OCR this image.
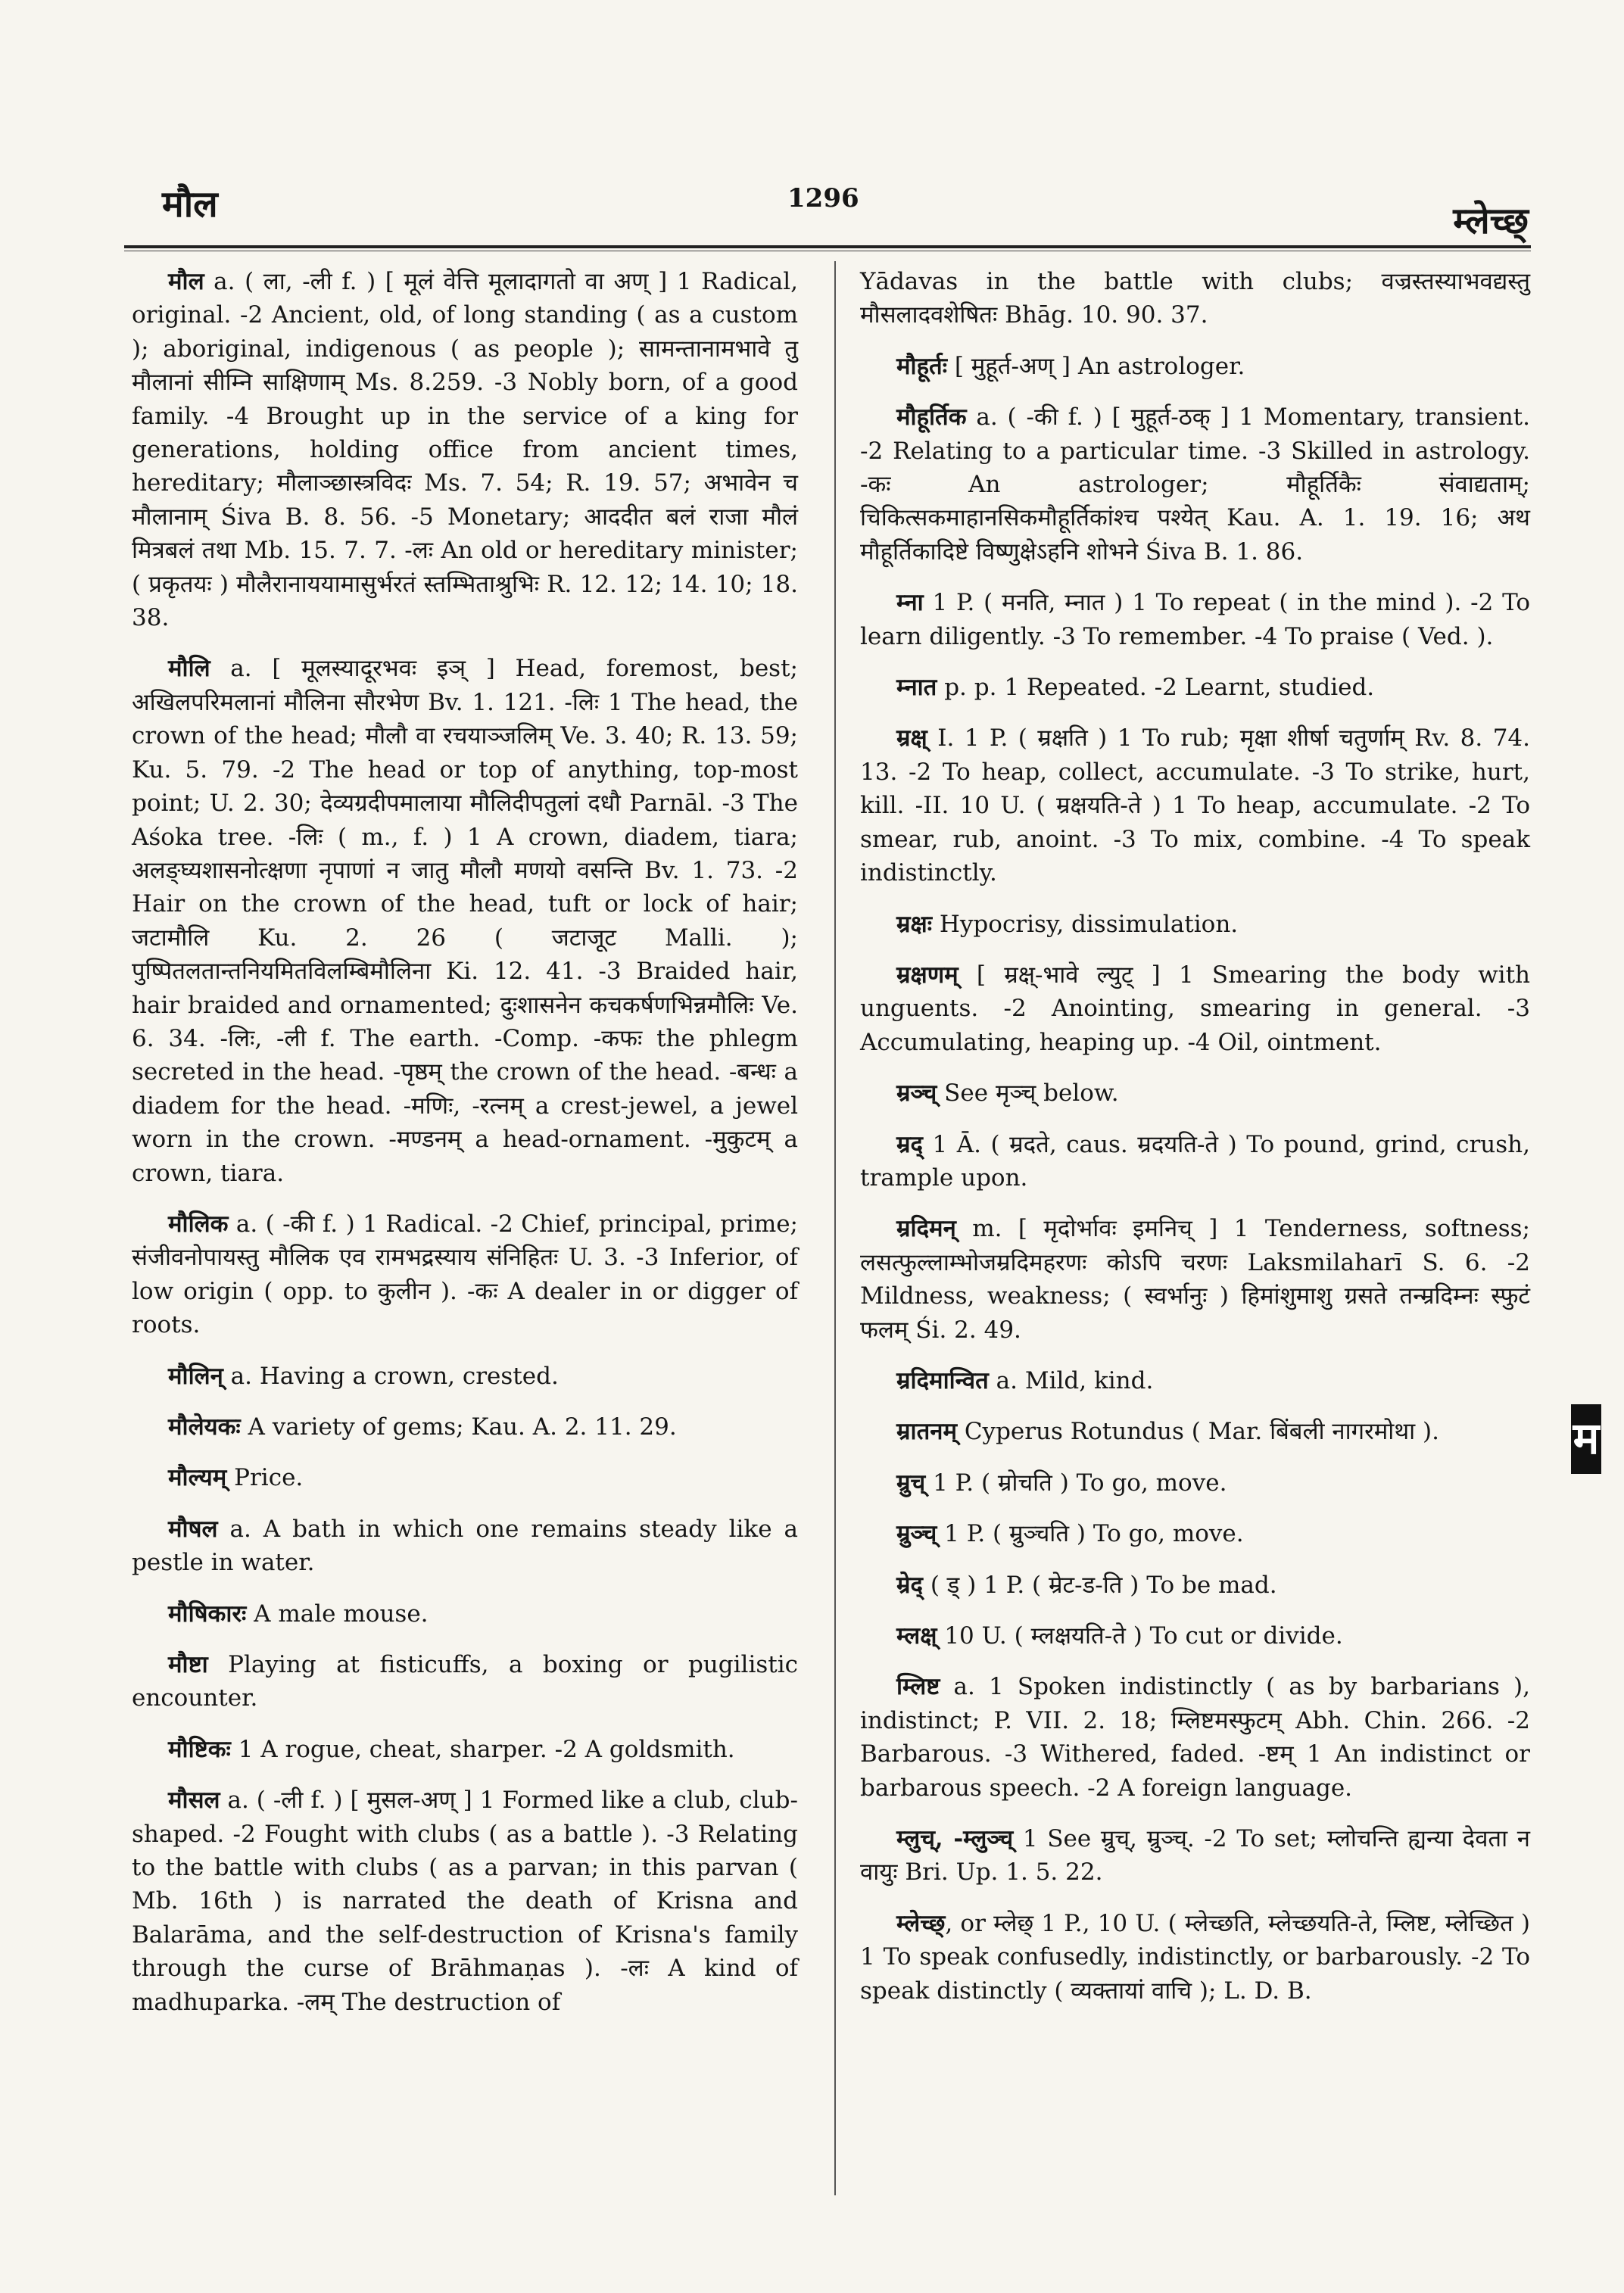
मौल	1296
म्लेच्छ्

मौल a. ( ला, -ली f. ) [ मूलं वेत्ति मूलादागतो वा अण् ] 1 Radical, original. -2 Ancient, old, of long standing ( as a custom ); aboriginal, indigenous ( as people ); सामन्तानामभावे तु मौलानां सीम्नि साक्षिणाम् Ms. 8.259. -3 Nobly born, of a good family. -4 Brought up in the service of a king for generations, holding office from ancient times, hereditary; मौलाञ्छास्त्रविदः Ms. 7. 54; R. 19. 57; अभावेन च मौलानाम् Śiva B. 8. 56. -5 Monetary; आददीत बलं राजा मौलं मित्रबलं तथा Mb. 15. 7. 7. -लः An old or hereditary minister; ( प्रकृतयः ) मौलैरानाययामासुर्भरतं स्तम्भिताश्रुभिः R. 12. 12; 14. 10; 18. 38.

मौलि a. [ मूलस्यादूरभवः इञ् ] Head, foremost, best; अखिलपरिमलानां मौलिना सौरभेण Bv. 1. 121. -लिः 1 The head, the crown of the head; मौलौ वा रचयाञ्जलिम् Ve. 3. 40; R. 13. 59; Ku. 5. 79. -2 The head or top of anything, top-most point; U. 2. 30; देव्यग्रदीपमालाया मौलिदीपतुलां दधौ Parnāl. -3 The Aśoka tree. -लिः ( m., f. ) 1 A crown, diadem, tiara; अलङ्घ्यशासनोत्क्षणा नृपाणां न जातु मौलौ मणयो वसन्ति Bv. 1. 73. -2 Hair on the crown of the head, tuft or lock of hair; जटामौलि Ku. 2. 26 ( जटाजूट Malli. ); पुष्पितलतान्तनियमितविलम्बिमौलिना Ki. 12. 41. -3 Braided hair, hair braided and ornamented; दुःशासनेन कचकर्षणभिन्नमौलिः Ve. 6. 34. -लिः, -ली f. The earth. -Comp. -कफः the phlegm secreted in the head. -पृष्ठम् the crown of the head. -बन्धः a diadem for the head. -मणिः, -रत्नम् a crest-jewel, a jewel worn in the crown. -मण्डनम् a head-ornament. -मुकुटम् a crown, tiara.

मौलिक a. ( -की f. ) 1 Radical. -2 Chief, principal, prime; संजीवनोपायस्तु मौलिक एव रामभद्रस्याय संनिहितः U. 3. -3 Inferior, of low origin ( opp. to कुलीन ). -कः A dealer in or digger of roots.

मौलिन् a. Having a crown, crested.

मौलेयकः A variety of gems; Kau. A. 2. 11. 29.

मौल्यम् Price.

मौषल a. A bath in which one remains steady like a pestle in water.

मौषिकारः A male mouse.

मौष्टा Playing at fisticuffs, a boxing or pugilistic encounter.

मौष्टिकः 1 A rogue, cheat, sharper. -2 A goldsmith.

मौसल a. ( -ली f. ) [ मुसल-अण् ] 1 Formed like a club, club-shaped. -2 Fought with clubs ( as a battle ). -3 Relating to the battle with clubs ( as a parvan; in this parvan ( Mb. 16th ) is narrated the death of Krisna and Balarāma, and the self-destruction of Krisna's family through the curse of Brāhmaṇas ). -लः A kind of madhuparka. -लम् The destruction of

Yādavas in the battle with clubs; वज्रस्तस्याभवद्यस्तु मौसलादवशेषितः Bhāg. 10. 90. 37.

मौहूर्तः [ मुहूर्त-अण् ] An astrologer.

मौहूर्तिक a. ( -की f. ) [ मुहूर्त-ठक् ] 1 Momentary, transient. -2 Relating to a particular time. -3 Skilled in astrology. -कः An astrologer; मौहूर्तिकैः संवाद्यताम्; चिकित्सकमाहानसिकमौहूर्तिकांश्च पश्येत् Kau. A. 1. 19. 16; अथ मौहूर्तिकादिष्टे विष्णुक्षेऽहनि शोभने Śiva B. 1. 86.

म्ना 1 P. ( मनति, म्नात ) 1 To repeat ( in the mind ). -2 To learn diligently. -3 To remember. -4 To praise ( Ved. ).

म्नात p. p. 1 Repeated. -2 Learnt, studied.

म्रक्ष् I. 1 P. ( म्रक्षति ) 1 To rub; मृक्षा शीर्षा चतुर्णाम् Rv. 8. 74. 13. -2 To heap, collect, accumulate. -3 To strike, hurt, kill. -II. 10 U. ( म्रक्षयति-ते ) 1 To heap, accumulate. -2 To smear, rub, anoint. -3 To mix, combine. -4 To speak indistinctly.

म्रक्षः Hypocrisy, dissimulation.

म्रक्षणम् [ म्रक्ष्-भावे ल्युट् ] 1 Smearing the body with unguents. -2 Anointing, smearing in general. -3 Accumulating, heaping up. -4 Oil, ointment.

म्रञ्च् See मृञ्च् below.

म्रद् 1 Ā. ( म्रदते, caus. म्रदयति-ते ) To pound, grind, crush, trample upon.

म्रदिमन् m. [ मृदोर्भावः इमनिच् ] 1 Tenderness, softness; लसत्फुल्लाम्भोजम्रदिमहरणः कोऽपि चरणः Laksmilaharī S. 6. -2 Mildness, weakness; ( स्वर्भानुः ) हिमांशुमाशु ग्रसते तन्म्रदिम्नः स्फुटं फलम् Śi. 2. 49.

म्रदिमान्वित a. Mild, kind.

म्रातनम् Cyperus Rotundus ( Mar. बिंबली नागरमोथा ).

म्रुच् 1 P. ( म्रोचति ) To go, move.

म्रुञ्च् 1 P. ( म्रुञ्चति ) To go, move.

म्रेद् ( ड् ) 1 P. ( म्रेट-ड-ति ) To be mad.

म्लक्ष् 10 U. ( म्लक्षयति-ते ) To cut or divide.

म्लिष्ट a. 1 Spoken indistinctly ( as by barbarians ), indistinct; P. VII. 2. 18; म्लिष्टमस्फुटम् Abh. Chin. 266. -2 Barbarous. -3 Withered, faded. -ष्टम् 1 An indistinct or barbarous speech. -2 A foreign language.

म्लुच्, -म्लुञ्च् 1 See म्रुच्, म्रुञ्च्. -2 To set; म्लोचन्ति ह्यन्या देवता न वायुः Bri. Up. 1. 5. 22.

म्लेच्छ्, or म्लेछ् 1 P., 10 U. ( म्लेच्छति, म्लेच्छयति-ते, म्लिष्ट, म्लेच्छित ) 1 To speak confusedly, indistinctly, or barbarously. -2 To speak distinctly ( व्यक्तायां वाचि ); L. D. B.

म
